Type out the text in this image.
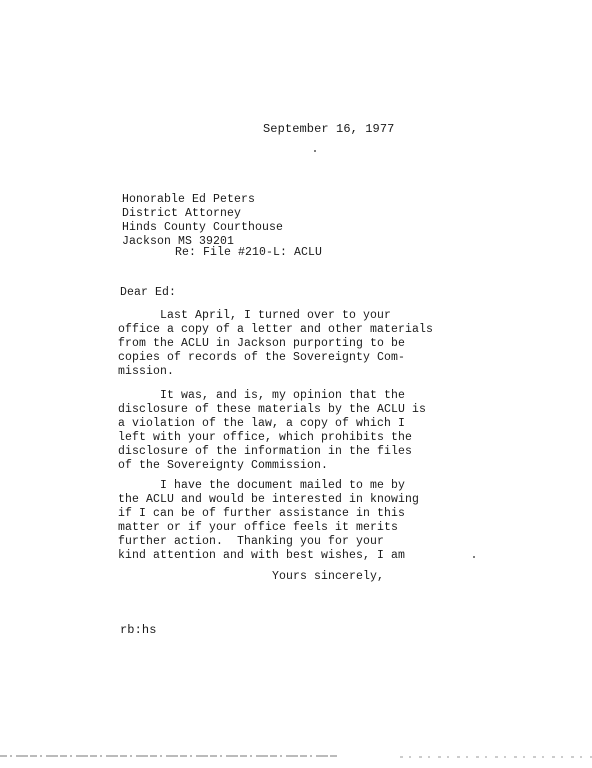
September 16, 1977
Honorable Ed Peters
District Attorney
Hinds County Courthouse
Jackson MS 39201
Re: File #210-L: ACLU
Dear Ed:
Last April, I turned over to your
office a copy of a letter and other materials
from the ACLU in Jackson purporting to be
copies of records of the Sovereignty Com-
mission.
It was, and is, my opinion that the
disclosure of these materials by the ACLU is
a violation of the law, a copy of which I
left with your office, which prohibits the
disclosure of the information in the files
of the Sovereignty Commission.
I have the document mailed to me by
the ACLU and would be interested in knowing
if I can be of further assistance in this
matter or if your office feels it merits
further action.  Thanking you for your
kind attention and with best wishes, I am
Yours sincerely,
rb:hs
